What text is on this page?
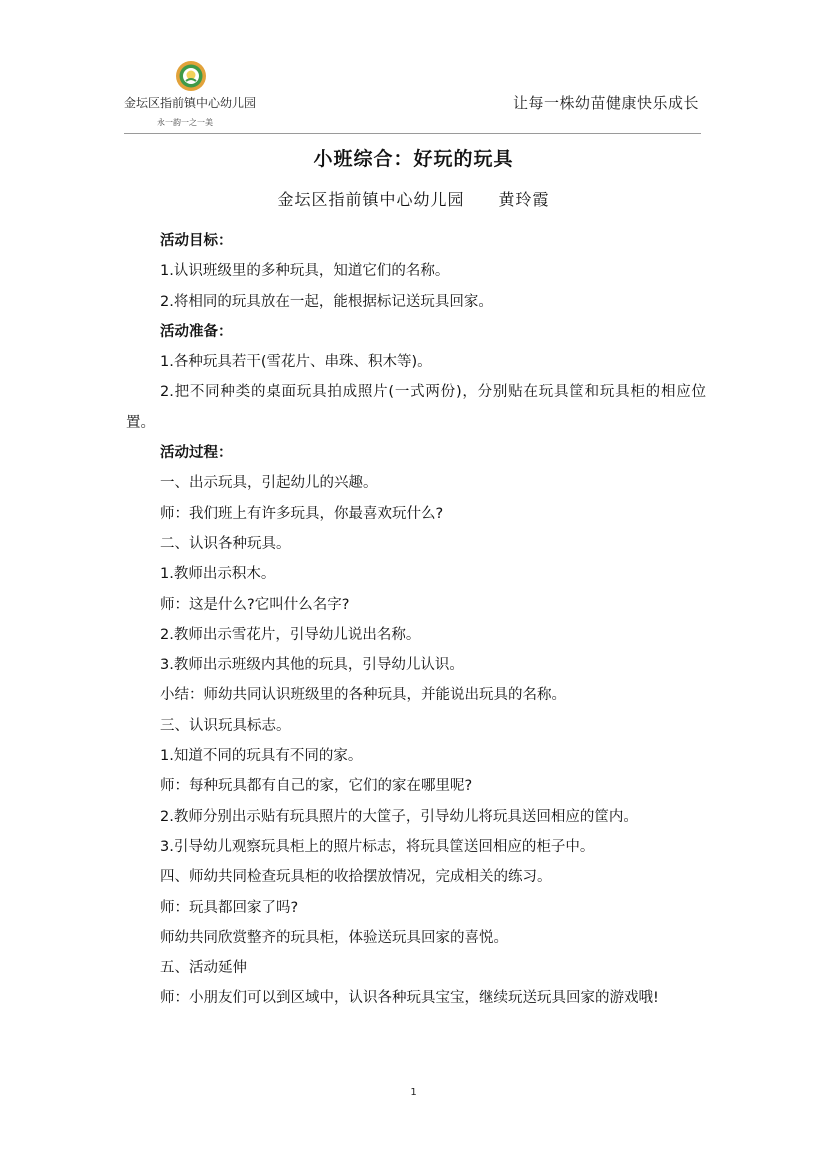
金坛区指前镇中心幼儿园
永一韵一之一美
让每一株幼苗健康快乐成长
小班综合：好玩的玩具
金坛区指前镇中心幼儿园 黄玲霞

活动目标：

1.认识班级里的多种玩具，知道它们的名称。

2.将相同的玩具放在一起，能根据标记送玩具回家。

活动准备：

1.各种玩具若干(雪花片、串珠、积木等)。

2.把不同种类的桌面玩具拍成照片(一式两份)，分别贴在玩具筐和玩具柜的相应位置。

活动过程：

一、出示玩具，引起幼儿的兴趣。

师：我们班上有许多玩具，你最喜欢玩什么?

二、认识各种玩具。

1.教师出示积木。

师：这是什么?它叫什么名字?

2.教师出示雪花片，引导幼儿说出名称。

3.教师出示班级内其他的玩具，引导幼儿认识。

小结：师幼共同认识班级里的各种玩具，并能说出玩具的名称。

三、认识玩具标志。

1.知道不同的玩具有不同的家。

师：每种玩具都有自己的家，它们的家在哪里呢?

2.教师分别出示贴有玩具照片的大筐子，引导幼儿将玩具送回相应的筐内。

3.引导幼儿观察玩具柜上的照片标志，将玩具筐送回相应的柜子中。

四、师幼共同检查玩具柜的收拾摆放情况，完成相关的练习。

师：玩具都回家了吗?

师幼共同欣赏整齐的玩具柜，体验送玩具回家的喜悦。

五、活动延伸

师：小朋友们可以到区域中，认识各种玩具宝宝，继续玩送玩具回家的游戏哦!

1
